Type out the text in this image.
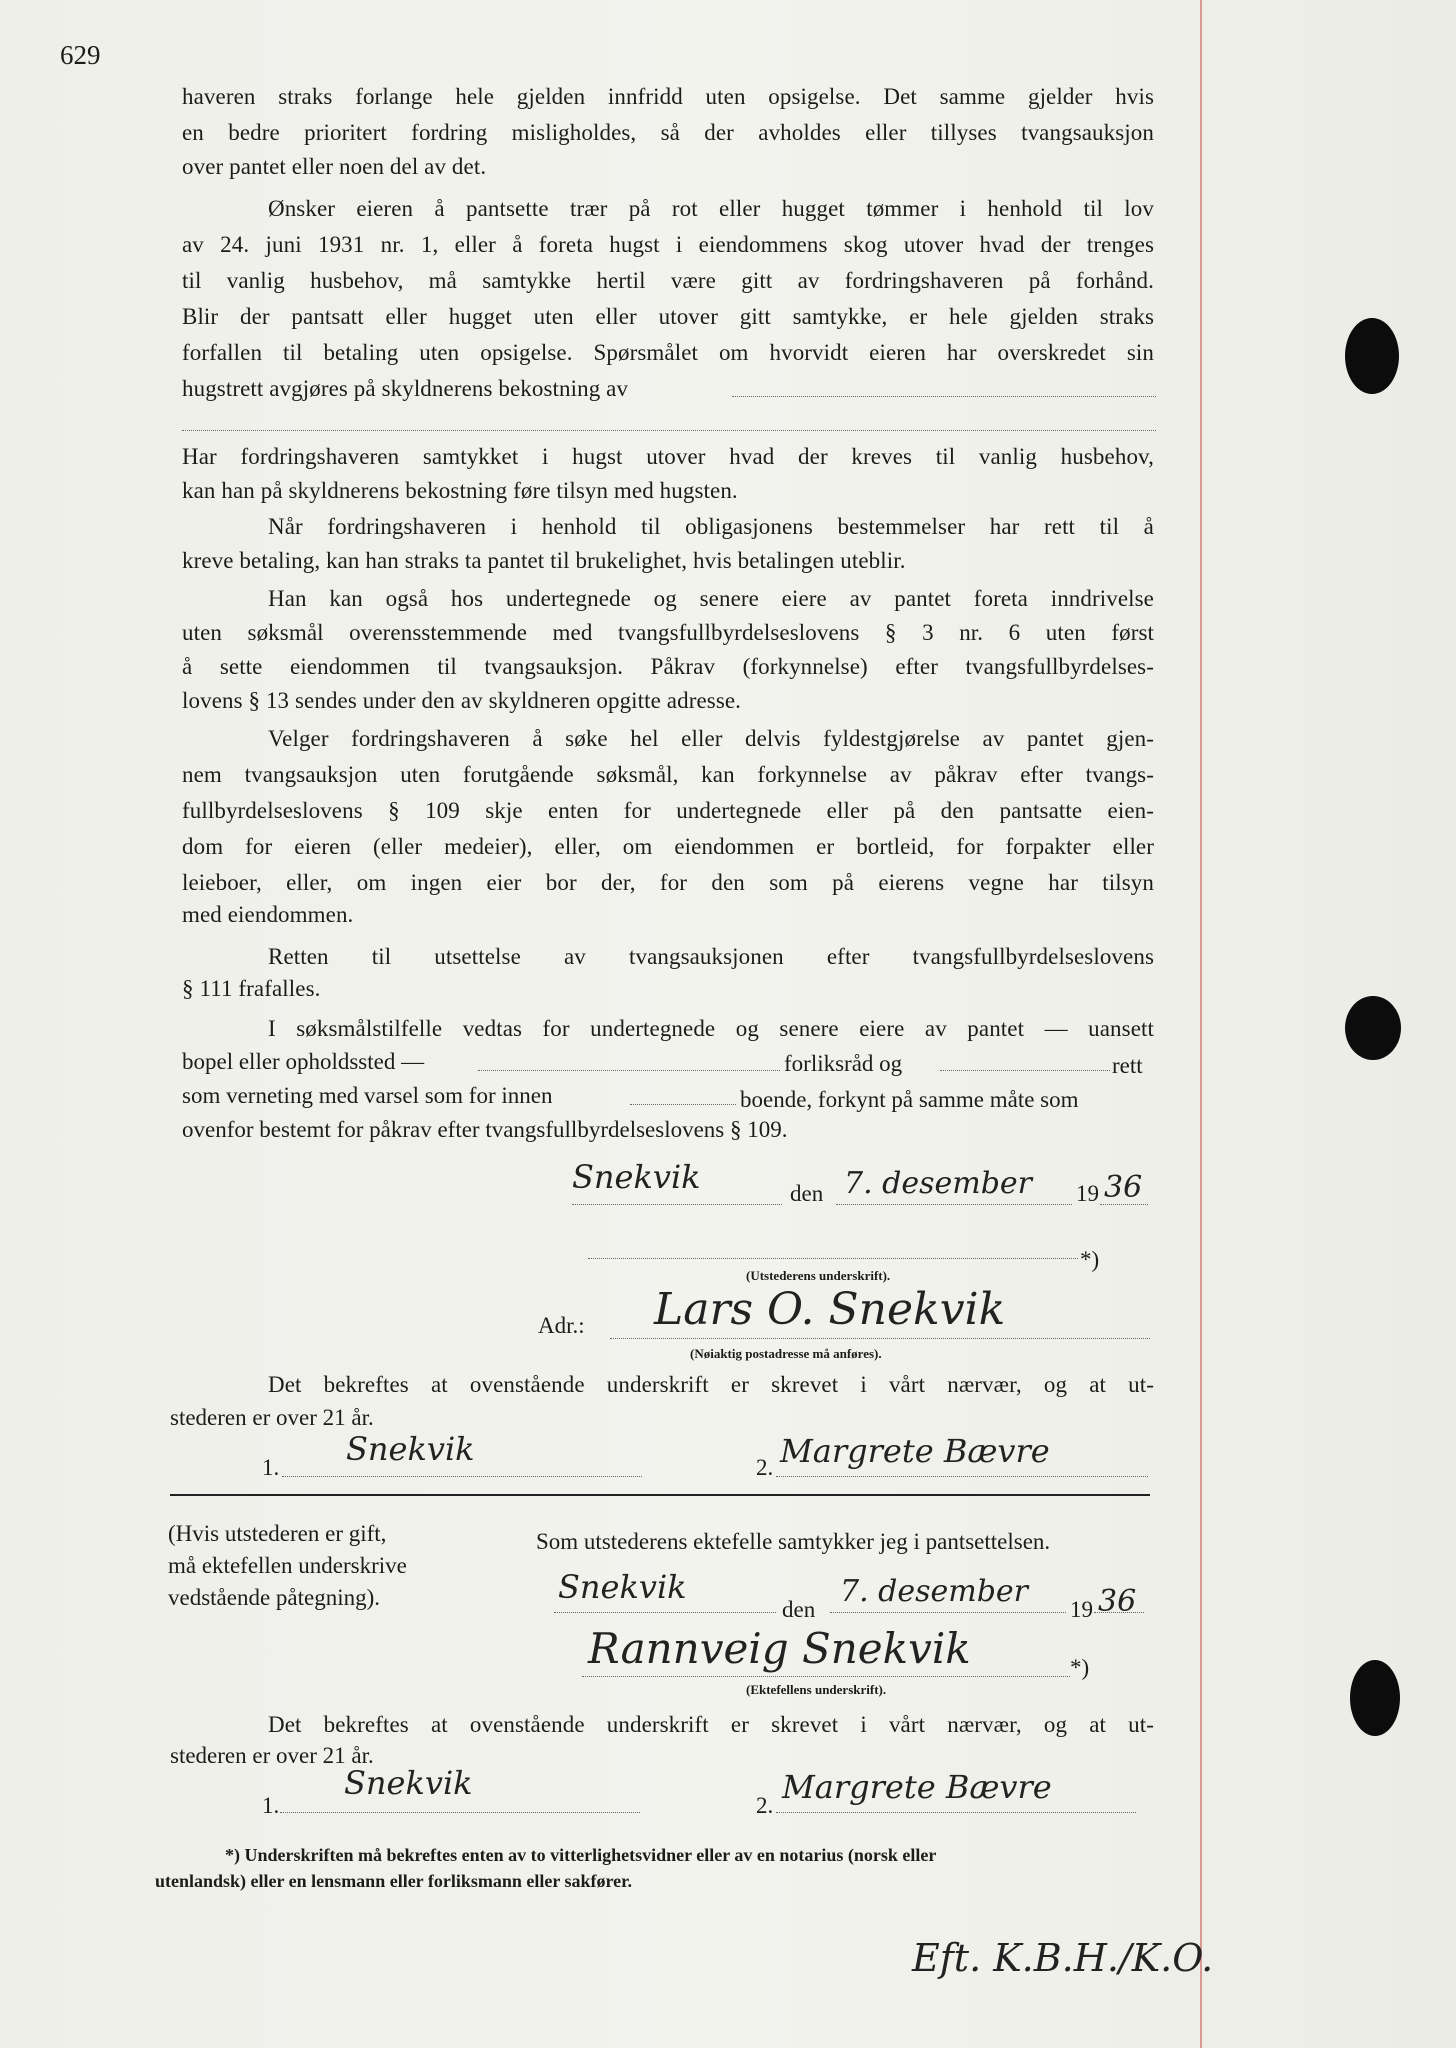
629
haveren straks forlange hele gjelden innfridd uten opsigelse. Det samme gjelder hvis
en bedre prioritert fordring misligholdes, så der avholdes eller tillyses tvangsauksjon
over pantet eller noen del av det.
Ønsker eieren å pantsette trær på rot eller hugget tømmer i henhold til lov
av 24. juni 1931 nr. 1, eller å foreta hugst i eiendommens skog utover hvad der trenges
til vanlig husbehov, må samtykke hertil være gitt av fordringshaveren på forhånd.
Blir der pantsatt eller hugget uten eller utover gitt samtykke, er hele gjelden straks
forfallen til betaling uten opsigelse. Spørsmålet om hvorvidt eieren har overskredet sin
hugstrett avgjøres på skyldnerens bekostning av
Har fordringshaveren samtykket i hugst utover hvad der kreves til vanlig husbehov,
kan han på skyldnerens bekostning føre tilsyn med hugsten.
Når fordringshaveren i henhold til obligasjonens bestemmelser har rett til å
kreve betaling, kan han straks ta pantet til brukelighet, hvis betalingen uteblir.
Han kan også hos undertegnede og senere eiere av pantet foreta inndrivelse
uten søksmål overensstemmende med tvangsfullbyrdelseslovens § 3 nr. 6 uten først
å sette eiendommen til tvangsauksjon. Påkrav (forkynnelse) efter tvangsfullbyrdelses-
lovens § 13 sendes under den av skyldneren opgitte adresse.
Velger fordringshaveren å søke hel eller delvis fyldestgjørelse av pantet gjen-
nem tvangsauksjon uten forutgående søksmål, kan forkynnelse av påkrav efter tvangs-
fullbyrdelseslovens § 109 skje enten for undertegnede eller på den pantsatte eien-
dom for eieren (eller medeier), eller, om eiendommen er bortleid, for forpakter eller
leieboer, eller, om ingen eier bor der, for den som på eierens vegne har tilsyn
med eiendommen.
Retten til utsettelse av tvangsauksjonen efter tvangsfullbyrdelseslovens
§ 111 frafalles.
I søksmålstilfelle vedtas for undertegnede og senere eiere av pantet — uansett
bopel eller opholdssted —	forliksråd og	rett
som verneting med varsel som for innen	boende, forkynt på samme måte som
ovenfor bestemt for påkrav efter tvangsfullbyrdelseslovens § 109.
Snekvik	den 7. desember 19 36
*)
(Utstederens underskrift).
Adr.: Lars O. Snekvik
(Nøiaktig postadresse må anføres).
Det bekreftes at ovenstående underskrift er skrevet i vårt nærvær, og at ut-
stederen er over 21 år.
1. Snekvik	2. Margrete Bævre
(Hvis utstederen er gift,
må ektefellen underskrive
vedstående påtegning).
Som utstederens ektefelle samtykker jeg i pantsettelsen.
Snekvik
den
7. desember
19 36
Rannveig Snekvik	*)
(Ektefellens underskrift).
Det bekreftes at ovenstående underskrift er skrevet i vårt nærvær, og at ut-
stederen er over 21 år.
1.
Snekvik
2. Margrete Bævre
*) Underskriften må bekreftes enten av to vitterlighetsvidner eller av en notarius (norsk eller
utenlandsk) eller en lensmann eller forliksmann eller sakfører.
Eft. K.B.H./K.O.
